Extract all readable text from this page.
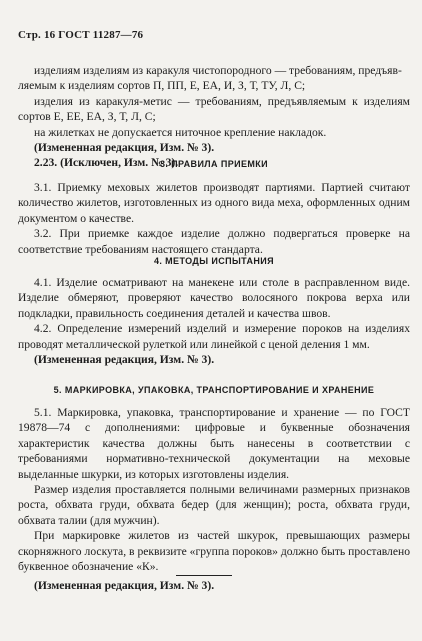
Стр. 16 ГОСТ 11287—76

изделиям изделиям из каракуля чистопородного — требованиям, предъяв-

ляемым к изделиям сортов П, ПП, Е, ЕА, И, З, Т, ТУ, Л, С;

изделия из каракуля-метис — требованиям, предъявляемым к изделиям сортов Е, ЕЕ, ЕА, З, Т, Л, С;

на жилетках не допускается ниточное крепление накладок.

(Измененная редакция, Изм. № 3).

2.23. (Исключен, Изм. № 3).

3. ПРАВИЛА ПРИЕМКИ

3.1. Приемку меховых жилетов производят партиями. Партией считают количество жилетов, изготовленных из одного вида меха, оформленных одним документом о качестве.

3.2. При приемке каждое изделие должно подвергаться проверке на соответствие требованиям настоящего стандарта.

4. МЕТОДЫ ИСПЫТАНИЯ

4.1. Изделие осматривают на манекене или столе в расправленном виде. Изделие обмеряют, проверяют качество волосяного покрова верха или подкладки, правильность соединения деталей и качества швов.

4.2. Определение измерений изделий и измерение пороков на изделиях проводят металлической рулеткой или линейкой с ценой деления 1 мм.

(Измененная редакция, Изм. № 3).

5. МАРКИРОВКА, УПАКОВКА, ТРАНСПОРТИРОВАНИЕ И ХРАНЕНИЕ

5.1. Маркировка, упаковка, транспортирование и хранение — по ГОСТ 19878—74 с дополнениями: цифровые и буквенные обозначения характеристик качества должны быть нанесены в соответствии с требованиями нормативно-технической документации на меховые выделанные шкурки, из которых изготовлены изделия.

Размер изделия проставляется полными величинами размерных признаков роста, обхвата груди, обхвата бедер (для женщин); роста, обхвата груди, обхвата талии (для мужчин).

При маркировке жилетов из частей шкурок, превышающих размеры скорняжного лоскута, в реквизите «группа пороков» должно быть проставлено буквенное обозначение «К».

(Измененная редакция, Изм. № 3).
